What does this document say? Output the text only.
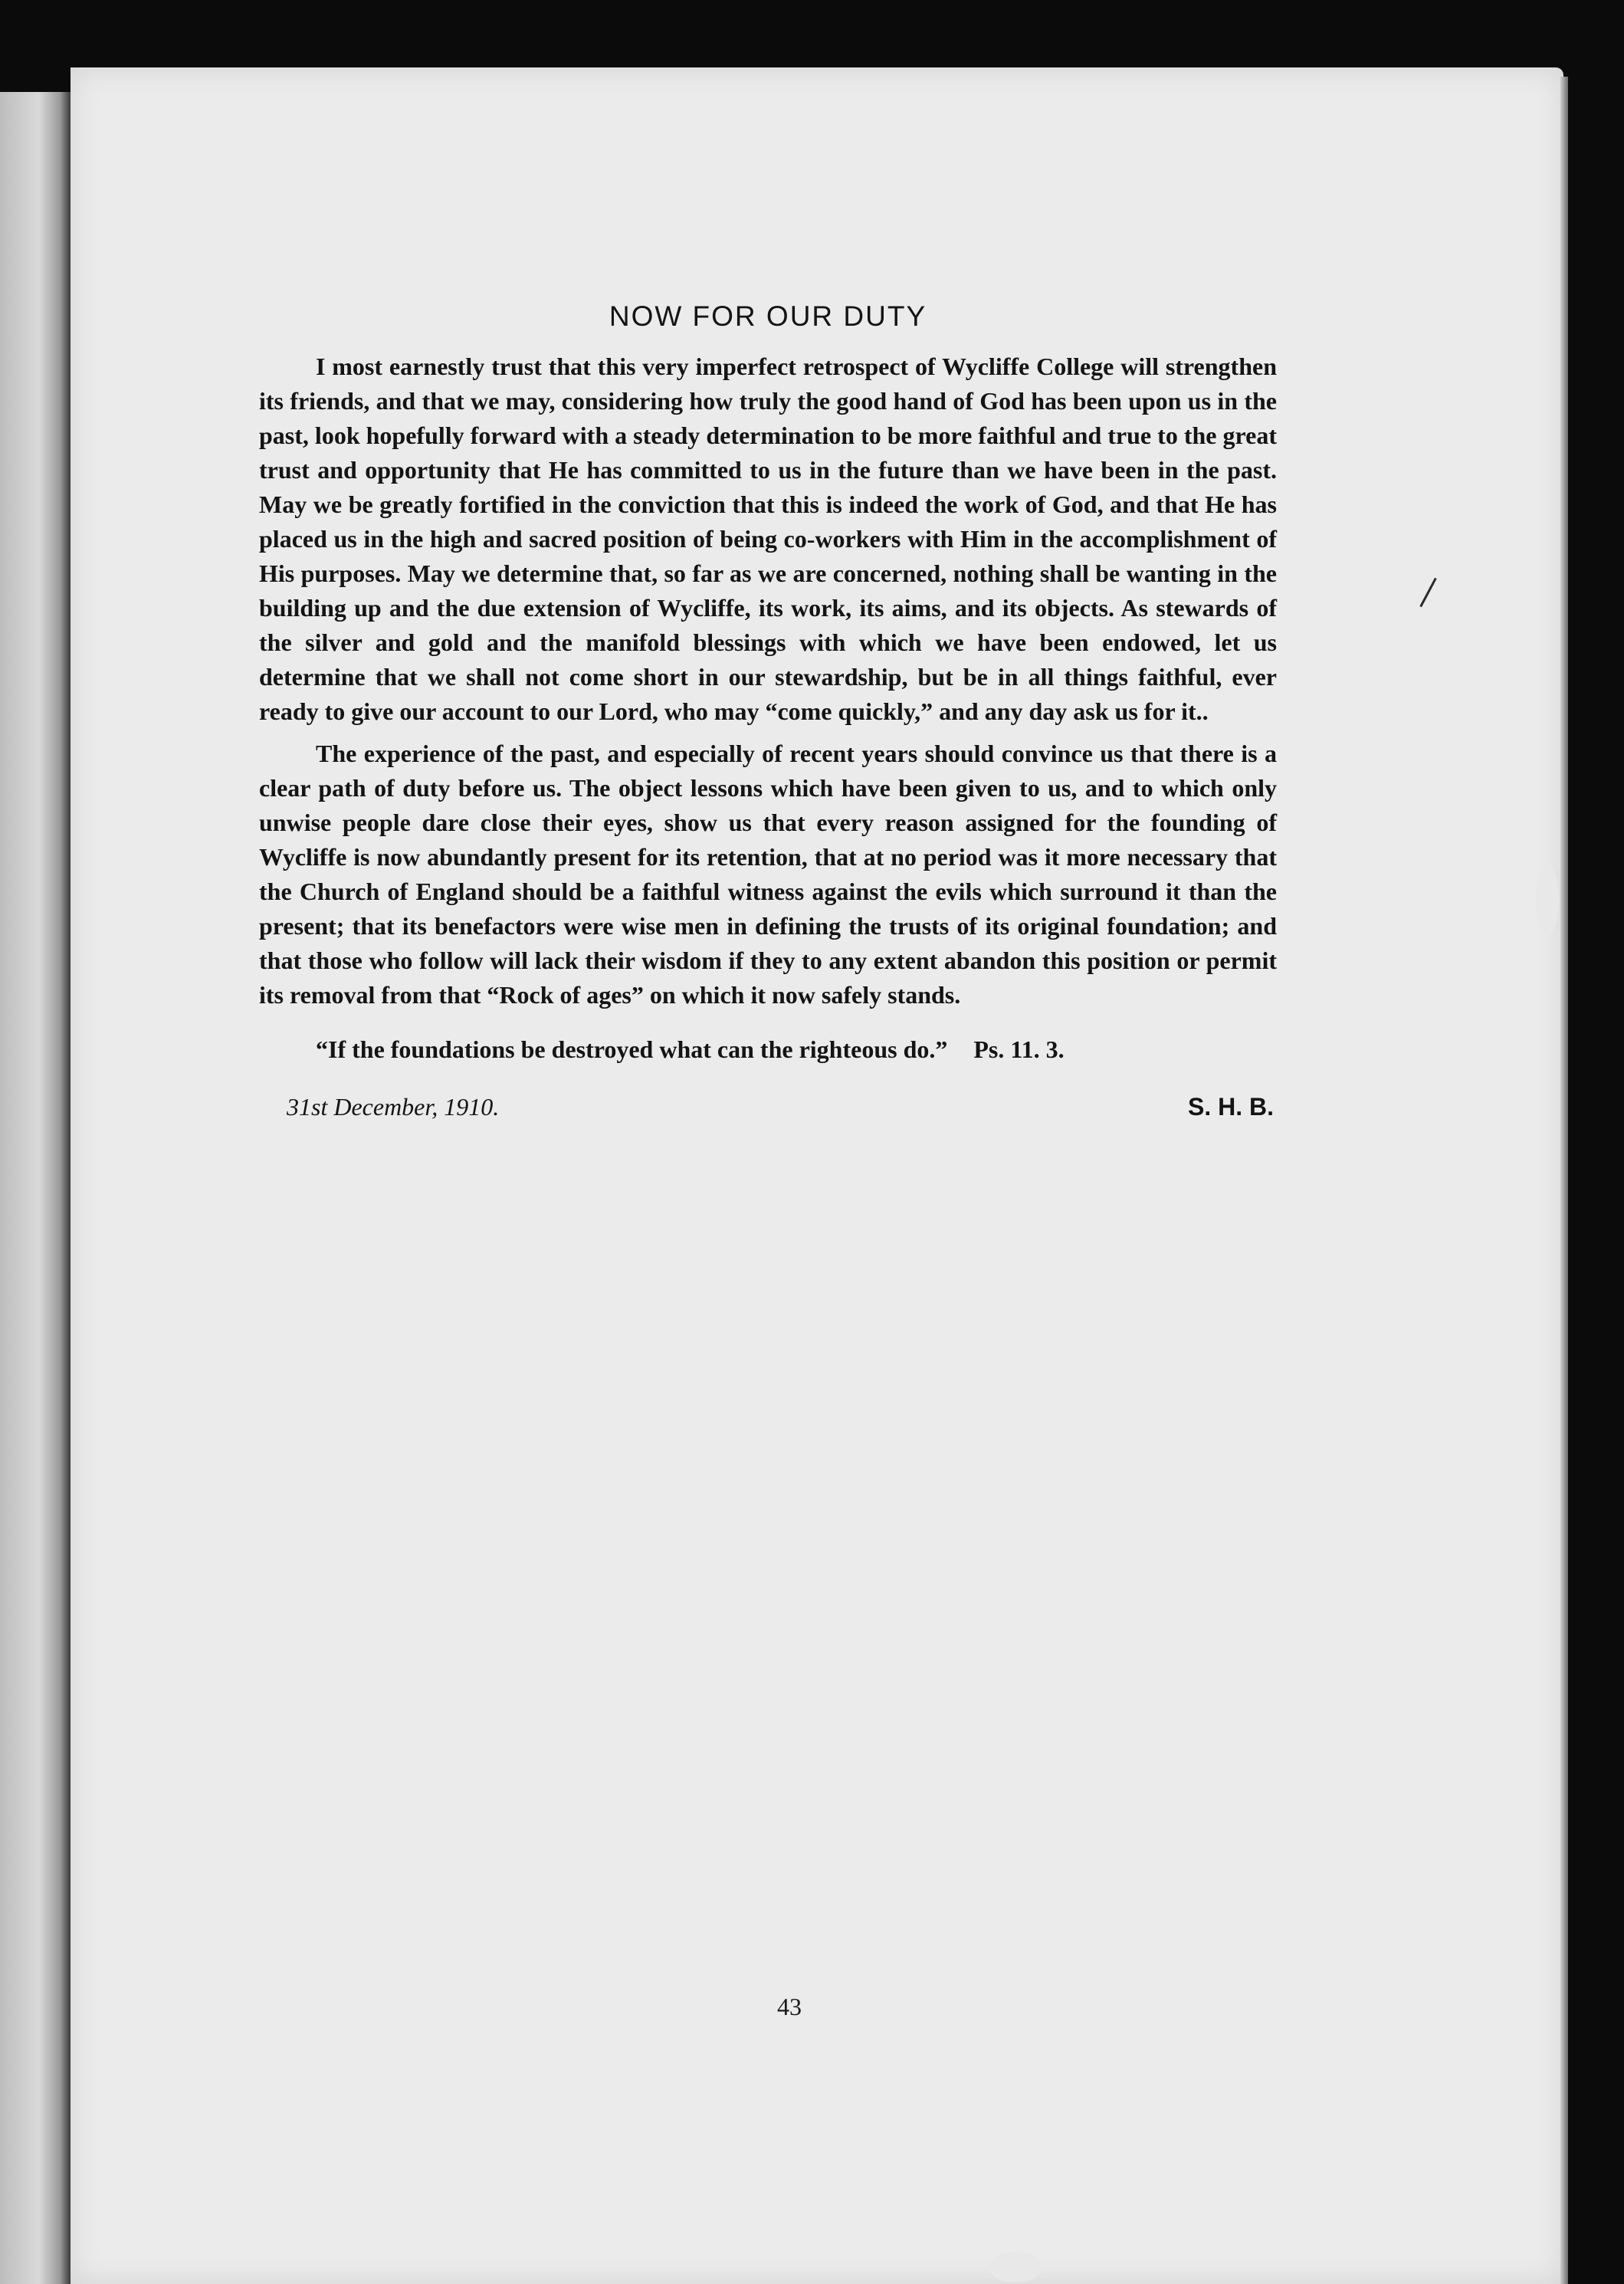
NOW FOR OUR DUTY

I most earnestly trust that this very imperfect retrospect of Wycliffe College will strengthen its friends, and that we may, considering how truly the good hand of God has been upon us in the past, look hopefully forward with a steady determination to be more faithful and true to the great trust and opportunity that He has committed to us in the future than we have been in the past. May we be greatly fortified in the conviction that this is indeed the work of God, and that He has placed us in the high and sacred position of being co-workers with Him in the accomplishment of His purposes. May we determine that, so far as we are concerned, nothing shall be wanting in the building up and the due extension of Wycliffe, its work, its aims, and its objects. As stewards of the silver and gold and the manifold blessings with which we have been endowed, let us determine that we shall not come short in our stewardship, but be in all things faithful, ever ready to give our account to our Lord, who may “come quickly,” and any day ask us for it..

The experience of the past, and especially of recent years should convince us that there is a clear path of duty before us. The object lessons which have been given to us, and to which only unwise people dare close their eyes, show us that every reason assigned for the founding of Wycliffe is now abundantly present for its retention, that at no period was it more necessary that the Church of England should be a faithful witness against the evils which surround it than the present; that its benefactors were wise men in defining the trusts of its original foundation; and that those who follow will lack their wisdom if they to any extent abandon this position or permit its removal from that “Rock of ages” on which it now safely stands.

“If the foundations be destroyed what can the righteous do.” Ps. 11. 3.
31st December, 1910.	S. H. B.
43
